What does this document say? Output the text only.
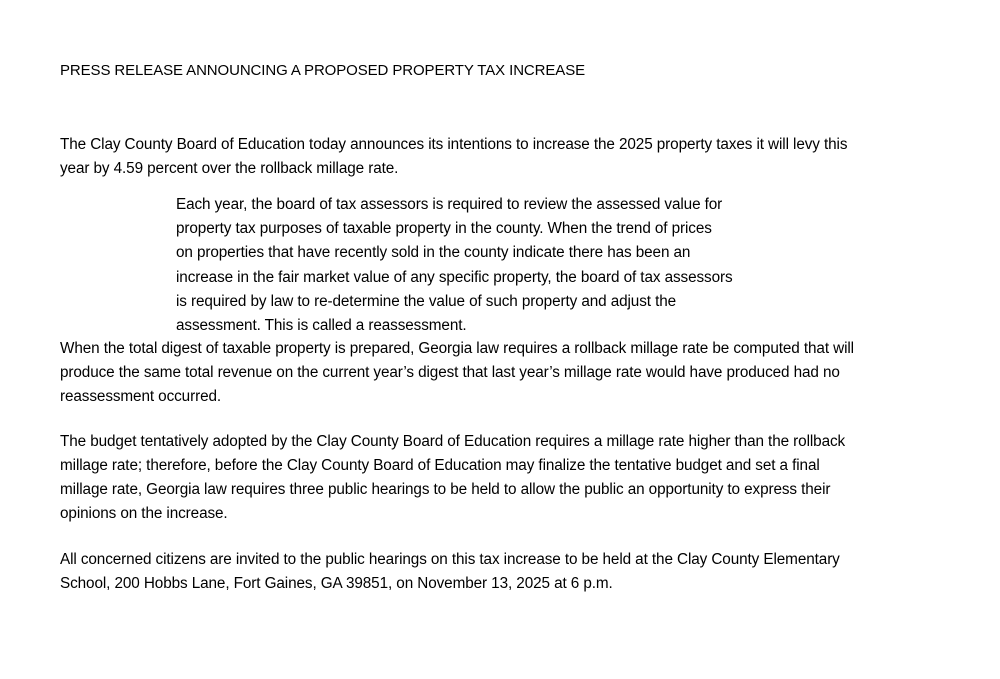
PRESS RELEASE ANNOUNCING A PROPOSED PROPERTY TAX INCREASE

The Clay County Board of Education today announces its intentions to increase the 2025 property taxes it will levy this
year by 4.59 percent over the rollback millage rate.

Each year, the board of tax assessors is required to review the assessed value for
property tax purposes of taxable property in the county. When the trend of prices
on properties that have recently sold in the county indicate there has been an
increase in the fair market value of any specific property, the board of tax assessors
is required by law to re-determine the value of such property and adjust the
assessment. This is called a reassessment.

When the total digest of taxable property is prepared, Georgia law requires a rollback millage rate be computed that will
produce the same total revenue on the current year’s digest that last year’s millage rate would have produced had no
reassessment occurred.

The budget tentatively adopted by the Clay County Board of Education requires a millage rate higher than the rollback
millage rate; therefore, before the Clay County Board of Education may finalize the tentative budget and set a final
millage rate, Georgia law requires three public hearings to be held to allow the public an opportunity to express their
opinions on the increase.

All concerned citizens are invited to the public hearings on this tax increase to be held at the Clay County Elementary
School, 200 Hobbs Lane, Fort Gaines, GA 39851, on November 13, 2025 at 6 p.m.
